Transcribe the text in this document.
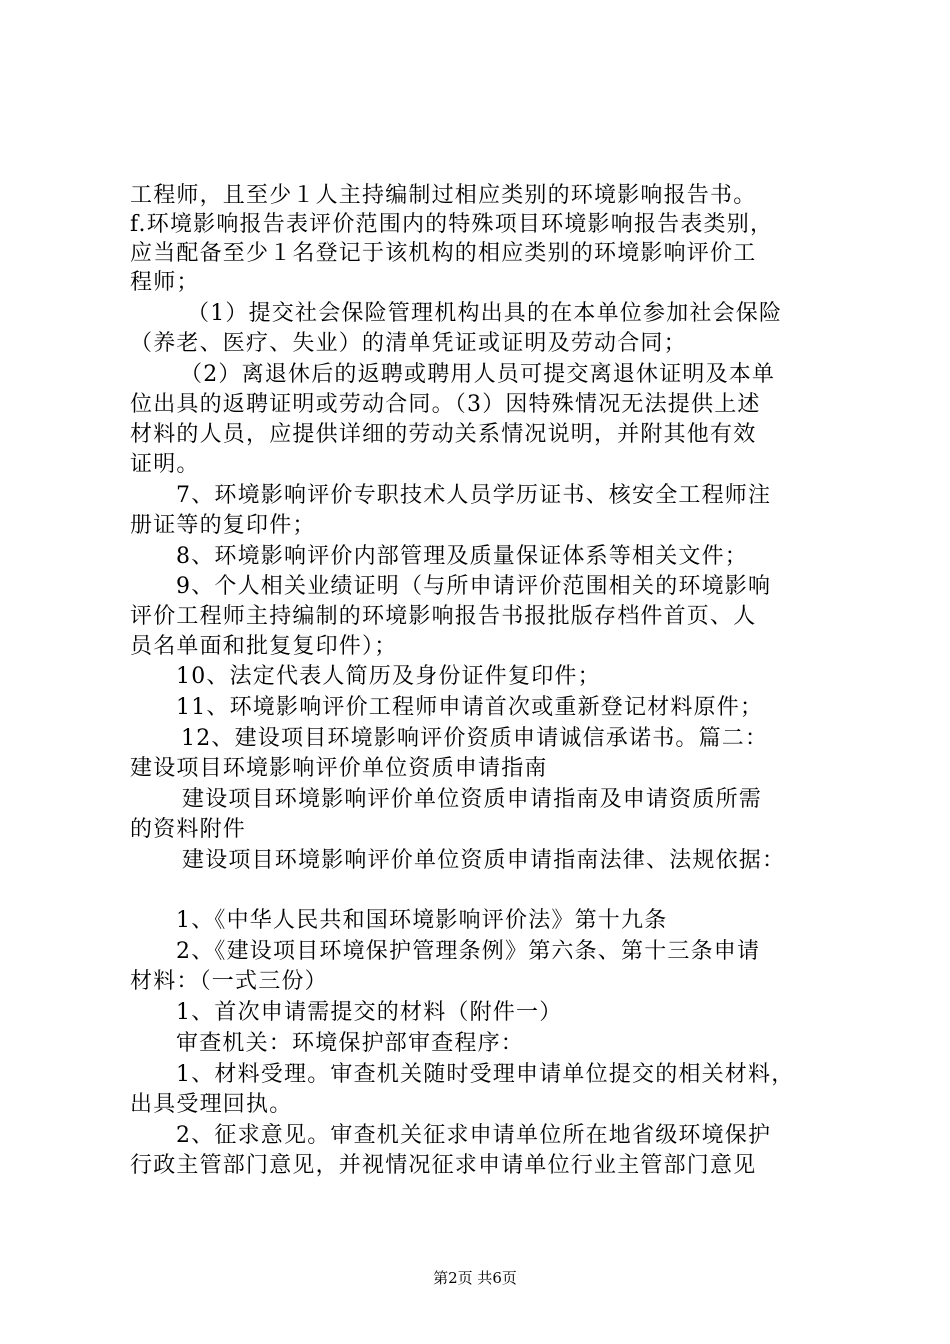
工程师，且至少１人主持编制过相应类别的环境影响报告书。
f.环境影响报告表评价范围内的特殊项目环境影响报告表类别，
应当配备至少１名登记于该机构的相应类别的环境影响评价工
程师；
（1）提交社会保险管理机构出具的在本单位参加社会保险
（养老、医疗、失业）的清单凭证或证明及劳动合同；
（2）离退休后的返聘或聘用人员可提交离退休证明及本单
位出具的返聘证明或劳动合同。（3）因特殊情况无法提供上述
材料的人员，应提供详细的劳动关系情况说明，并附其他有效
证明。
7、环境影响评价专职技术人员学历证书、核安全工程师注
册证等的复印件；
8、环境影响评价内部管理及质量保证体系等相关文件；
9、个人相关业绩证明（与所申请评价范围相关的环境影响
评价工程师主持编制的环境影响报告书报批版存档件首页、人
员名单面和批复复印件）；
10、法定代表人简历及身份证件复印件；
11、环境影响评价工程师申请首次或重新登记材料原件；
12、建设项目环境影响评价资质申请诚信承诺书。篇二：
建设项目环境影响评价单位资质申请指南
建设项目环境影响评价单位资质申请指南及申请资质所需
的资料附件
建设项目环境影响评价单位资质申请指南法律、法规依据：
1、《中华人民共和国环境影响评价法》第十九条
2、《建设项目环境保护管理条例》第六条、第十三条申请
材料：（一式三份）
1、首次申请需提交的材料（附件一）
审查机关：环境保护部审查程序：
1、材料受理。审查机关随时受理申请单位提交的相关材料，
出具受理回执。
2、征求意见。审查机关征求申请单位所在地省级环境保护
行政主管部门意见，并视情况征求申请单位行业主管部门意见
第2页 共6页
